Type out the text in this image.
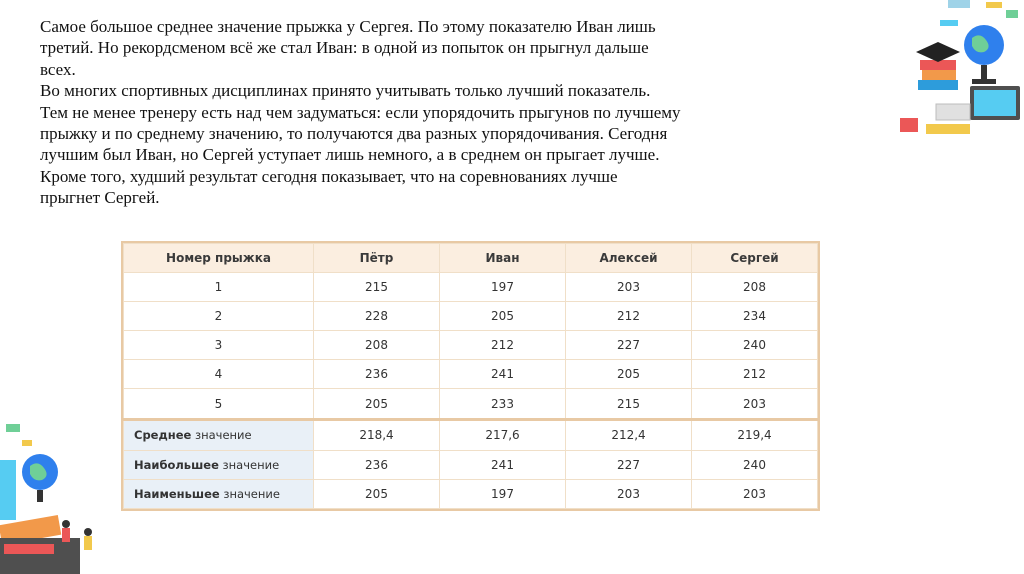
Самое большое среднее значение прыжка у Сергея. По этому показателю Иван лишь

третий. Но рекордсменом всё же стал Иван: в одной из попыток он прыгнул дальше

всех.

Во многих спортивных дисциплинах принято учитывать только лучший показатель.

Тем не менее тренеру есть над чем задуматься: если упорядочить прыгунов по лучшему

прыжку и по среднему значению, то получаются два разных упорядочивания. Сегодня

лучшим был Иван, но Сергей уступает лишь немного, а в среднем он прыгает лучше.

Кроме того, худший результат сегодня показывает, что на соревнованиях лучше

прыгнет Сергей.

Номер прыжка	Пётр	Иван	Алексей	Сергей
1	215	197	203	208
2	228	205	212	234
3	208	212	227	240
4	236	241	205	212
5	205	233	215	203
Среднее значение	218,4	217,6	212,4	219,4
Наибольшее значение	236	241	227	240
Наименьшее значение	205	197	203	203
